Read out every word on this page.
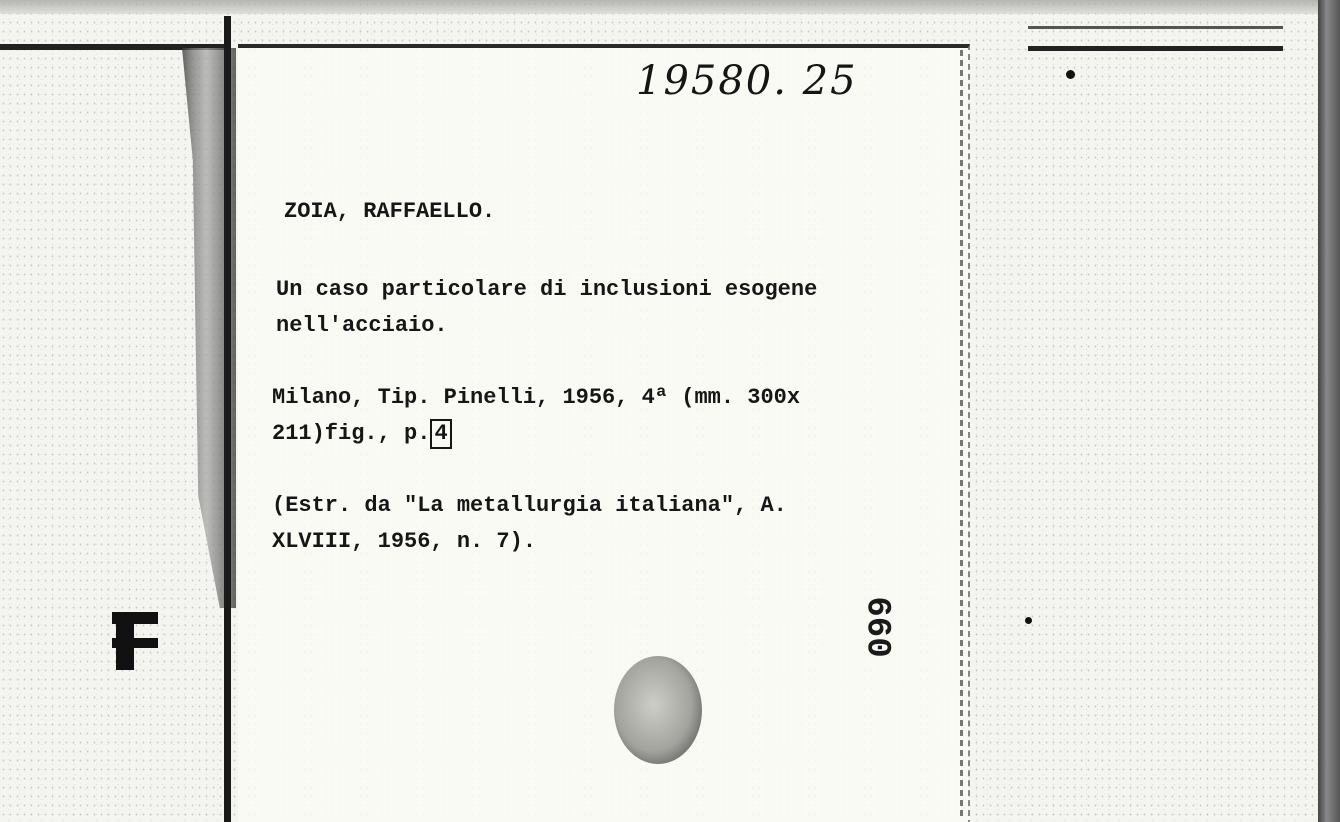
19580. 25
ZOIA, RAFFAELLO.
Un caso particolare di inclusioni esogene
nell'acciaio.
Milano, Tip. Pinelli, 1956, 4ª (mm. 300x
211)fig., p. 4
(Estr. da "La metallurgia italiana", A.
XLVIII, 1956, n. 7).
660
